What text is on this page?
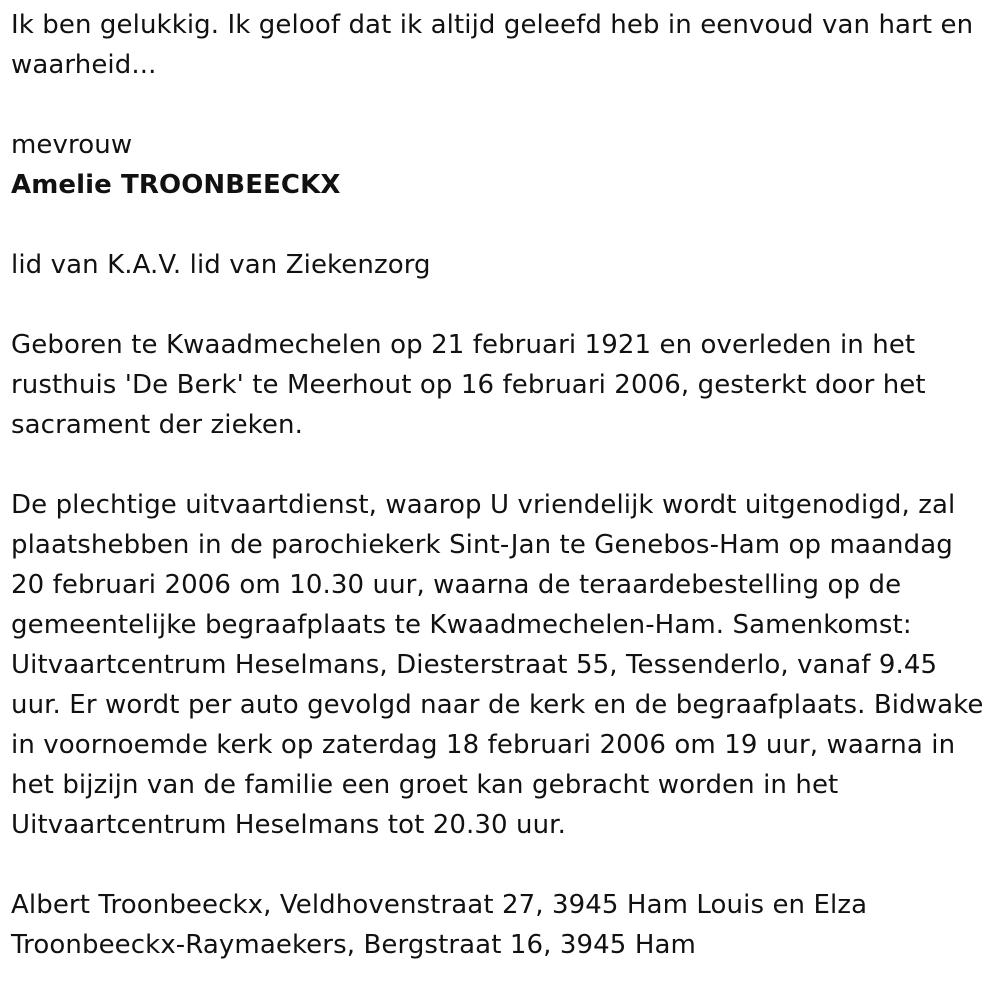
Ik ben gelukkig. Ik geloof dat ik altijd geleefd heb in eenvoud van hart en waarheid...

mevrouw

Amelie TROONBEECKX

lid van K.A.V. lid van Ziekenzorg

Geboren te Kwaadmechelen op 21 februari 1921 en overleden in het rusthuis 'De Berk' te Meerhout op 16 februari 2006, gesterkt door het sacrament der zieken.

De plechtige uitvaartdienst, waarop U vriendelijk wordt uitgenodigd, zal plaatshebben in de parochiekerk Sint-Jan te Genebos-Ham op maandag 20 februari 2006 om 10.30 uur, waarna de teraardebestelling op de gemeentelijke begraafplaats te Kwaadmechelen-Ham. Samenkomst: Uitvaartcentrum Heselmans, Diesterstraat 55, Tessenderlo, vanaf 9.45 uur. Er wordt per auto gevolgd naar de kerk en de begraafplaats. Bidwake in voornoemde kerk op zaterdag 18 februari 2006 om 19 uur, waarna in het bijzijn van de familie een groet kan gebracht worden in het Uitvaartcentrum Heselmans tot 20.30 uur.

Albert Troonbeeckx, Veldhovenstraat 27, 3945 Ham Louis en Elza Troonbeeckx-Raymaekers, Bergstraat 16, 3945 Ham
